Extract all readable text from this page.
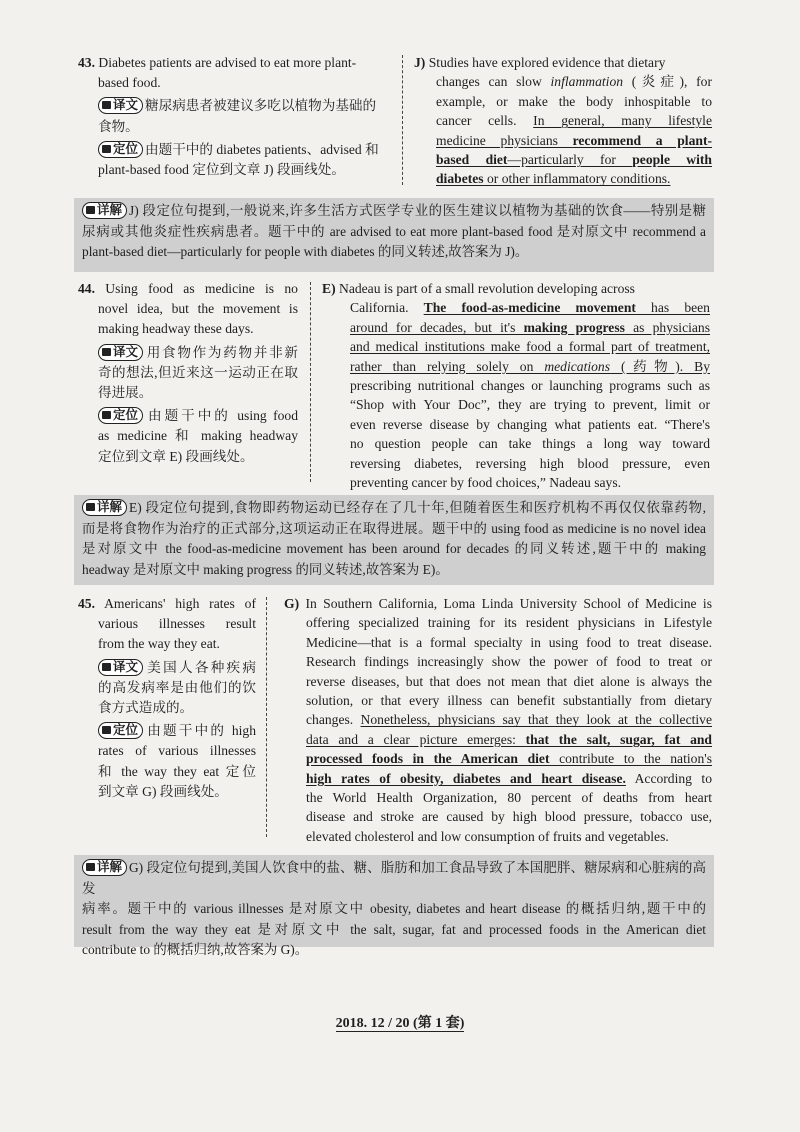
43. Diabetes patients are advised to eat more plant-
based food.
译文 糖尿病患者被建议多吃以植物为基础的
食物。
定位 由题干中的 diabetes patients、advised 和
plant-based food 定位到文章 J) 段画线处。
J) Studies have explored evidence that dietary
changes can slow inflammation (炎症), for
example, or make the body inhospitable to
cancer cells. In general, many lifestyle
medicine physicians recommend a plant-
based diet—particularly for people with
diabetes or other inflammatory conditions.
详解 J) 段定位句提到,一般说来,许多生活方式医学专业的医生建议以植物为基础的饮食——特别是糖
尿病或其他炎症性疾病患者。题干中的 are advised to eat more plant-based food 是对原文中 recommend a
plant-based diet—particularly for people with diabetes 的同义转述,故答案为 J)。
44. Using food as medicine is no
novel idea, but the movement is
making headway these days.
译文 用食物作为药物并非新
奇的想法,但近来这一运动正在取
得进展。
定位 由题干中的 using food
as medicine 和 making headway
定位到文章 E) 段画线处。
E) Nadeau is part of a small revolution developing across
California. The food-as-medicine movement has been
around for decades, but it's making progress as physicians
and medical institutions make food a formal part of treatment,
rather than relying solely on medications (药物). By
prescribing nutritional changes or launching programs such as
“Shop with Your Doc”, they are trying to prevent, limit or
even reverse disease by changing what patients eat. “There's
no question people can take things a long way toward
reversing diabetes, reversing high blood pressure, even
preventing cancer by food choices,” Nadeau says.
详解 E) 段定位句提到,食物即药物运动已经存在了几十年,但随着医生和医疗机构不再仅仅依靠药物,
而是将食物作为治疗的正式部分,这项运动正在取得进展。题干中的 using food as medicine is no novel idea
是对原文中 the food-as-medicine movement has been around for decades 的同义转述,题干中的 making
headway 是对原文中 making progress 的同义转述,故答案为 E)。
45. Americans' high rates of
various illnesses result
from the way they eat.
译文 美国人各种疾病
的高发病率是由他们的饮
食方式造成的。
定位 由题干中的 high
rates of various illnesses
和 the way they eat 定位
到文章 G) 段画线处。
G) In Southern California, Loma Linda University School of Medicine is
offering specialized training for its resident physicians in Lifestyle
Medicine—that is a formal specialty in using food to treat disease.
Research findings increasingly show the power of food to treat or
reverse diseases, but that does not mean that diet alone is always the
solution, or that every illness can benefit substantially from dietary
changes. Nonetheless, physicians say that they look at the collective
data and a clear picture emerges: that the salt, sugar, fat and
processed foods in the American diet contribute to the nation's
high rates of obesity, diabetes and heart disease. According to
the World Health Organization, 80 percent of deaths from heart
disease and stroke are caused by high blood pressure, tobacco use,
elevated cholesterol and low consumption of fruits and vegetables.
详解 G) 段定位句提到,美国人饮食中的盐、糖、脂肪和加工食品导致了本国肥胖、糖尿病和心脏病的高发
病率。题干中的 various illnesses 是对原文中 obesity, diabetes and heart disease 的概括归纳,题干中的
result from the way they eat 是对原文中 the salt, sugar, fat and processed foods in the American diet
contribute to 的概括归纳,故答案为 G)。
2018. 12 / 20 (第 1 套)
